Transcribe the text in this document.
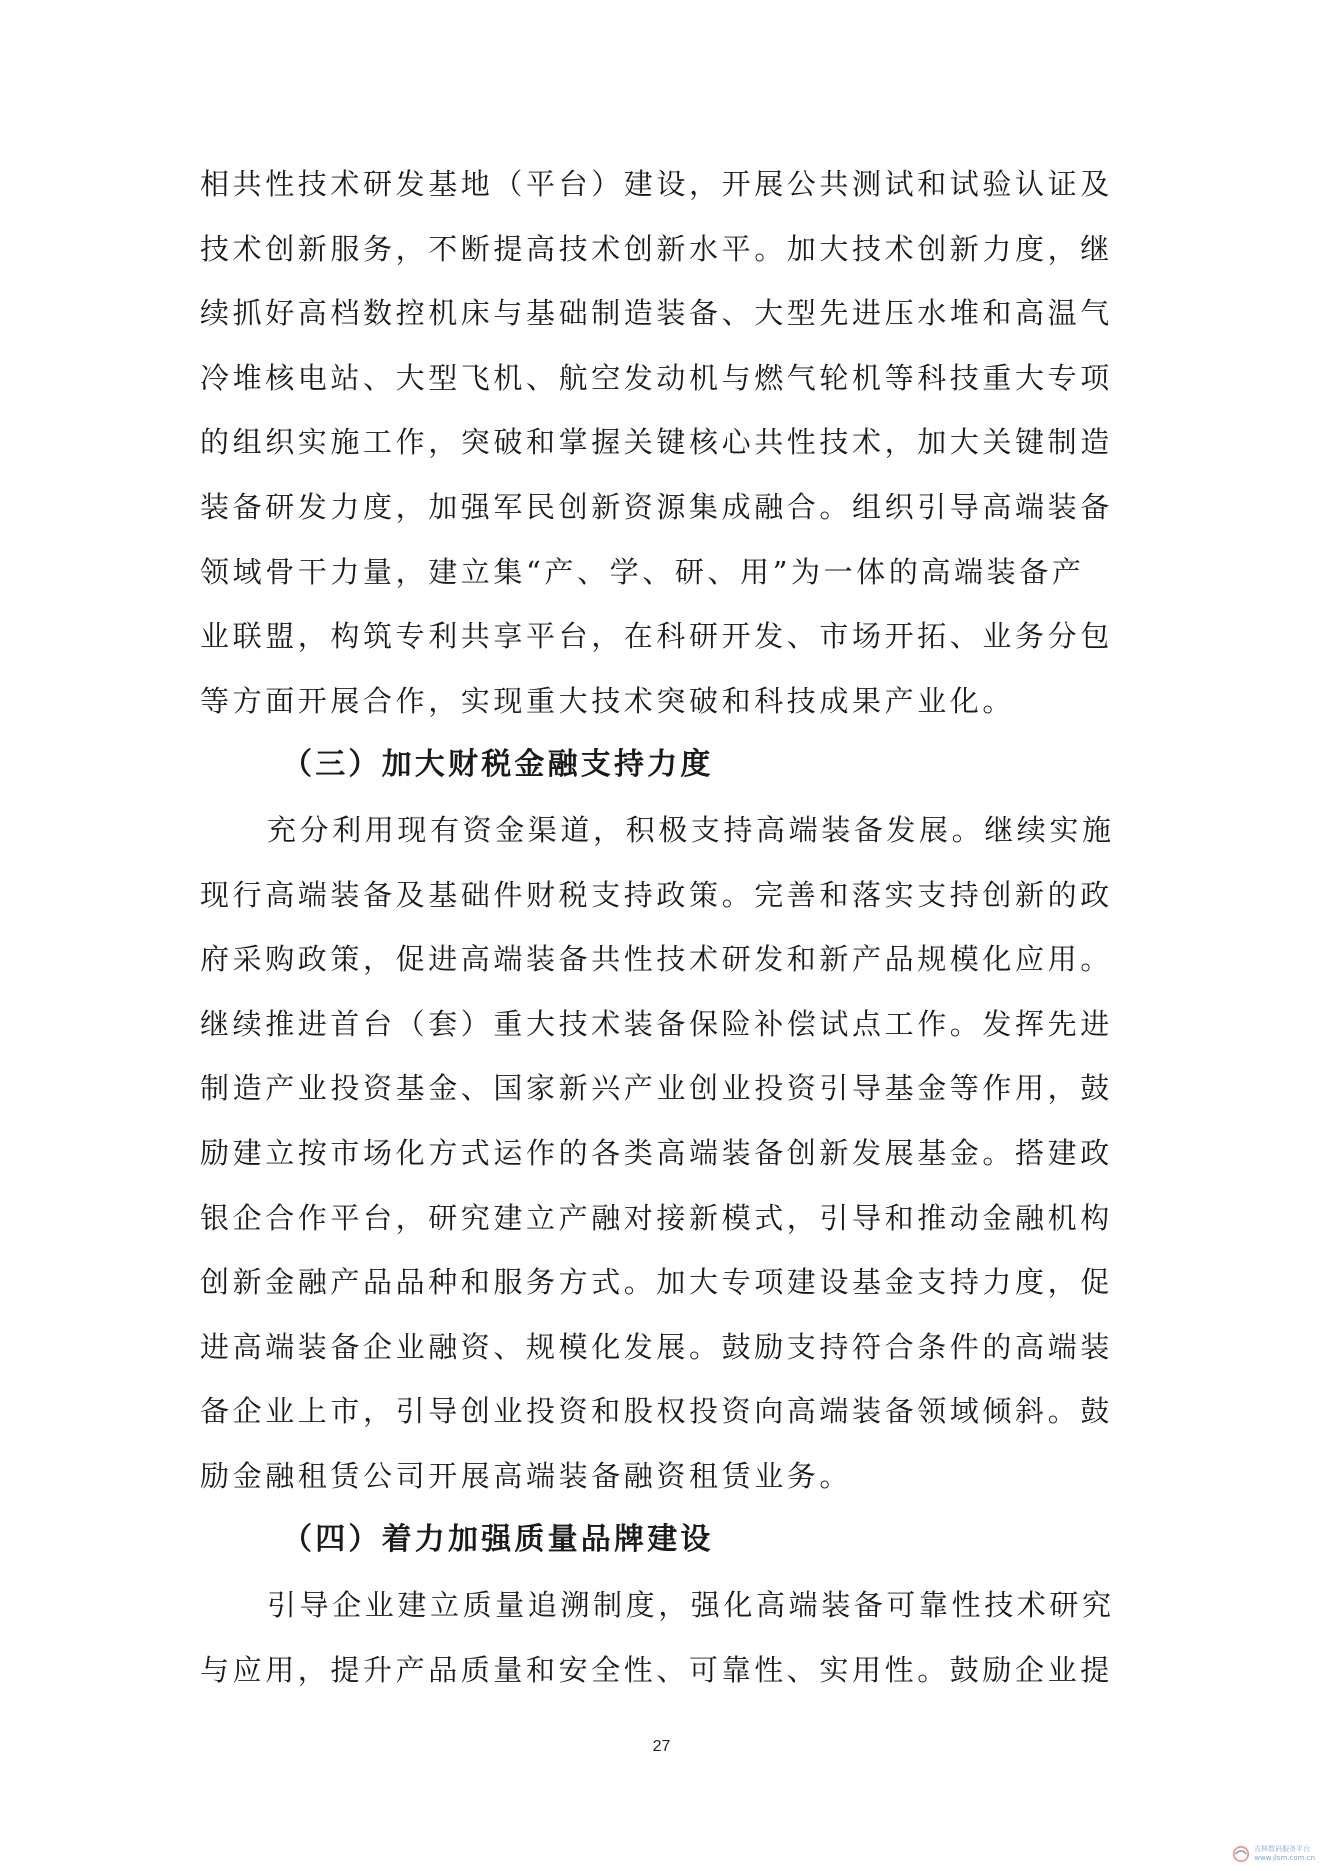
相共性技术研发基地（平台）建设，开展公共测试和试验认证及
技术创新服务，不断提高技术创新水平。加大技术创新力度，继
续抓好高档数控机床与基础制造装备、大型先进压水堆和高温气
冷堆核电站、大型飞机、航空发动机与燃气轮机等科技重大专项
的组织实施工作，突破和掌握关键核心共性技术，加大关键制造
装备研发力度，加强军民创新资源集成融合。组织引导高端装备
领域骨干力量，建立集“产、学、研、用”为一体的高端装备产
业联盟，构筑专利共享平台，在科研开发、市场开拓、业务分包
等方面开展合作，实现重大技术突破和科技成果产业化。
（三）加大财税金融支持力度
充分利用现有资金渠道，积极支持高端装备发展。继续实施
现行高端装备及基础件财税支持政策。完善和落实支持创新的政
府采购政策，促进高端装备共性技术研发和新产品规模化应用。
继续推进首台（套）重大技术装备保险补偿试点工作。发挥先进
制造产业投资基金、国家新兴产业创业投资引导基金等作用，鼓
励建立按市场化方式运作的各类高端装备创新发展基金。搭建政
银企合作平台，研究建立产融对接新模式，引导和推动金融机构
创新金融产品品种和服务方式。加大专项建设基金支持力度，促
进高端装备企业融资、规模化发展。鼓励支持符合条件的高端装
备企业上市，引导创业投资和股权投资向高端装备领域倾斜。鼓
励金融租赁公司开展高端装备融资租赁业务。
（四）着力加强质量品牌建设
引导企业建立质量追溯制度，强化高端装备可靠性技术研究
与应用，提升产品质量和安全性、可靠性、实用性。鼓励企业提
27
吉林数码服务平台
www.jlsm.com.cn
